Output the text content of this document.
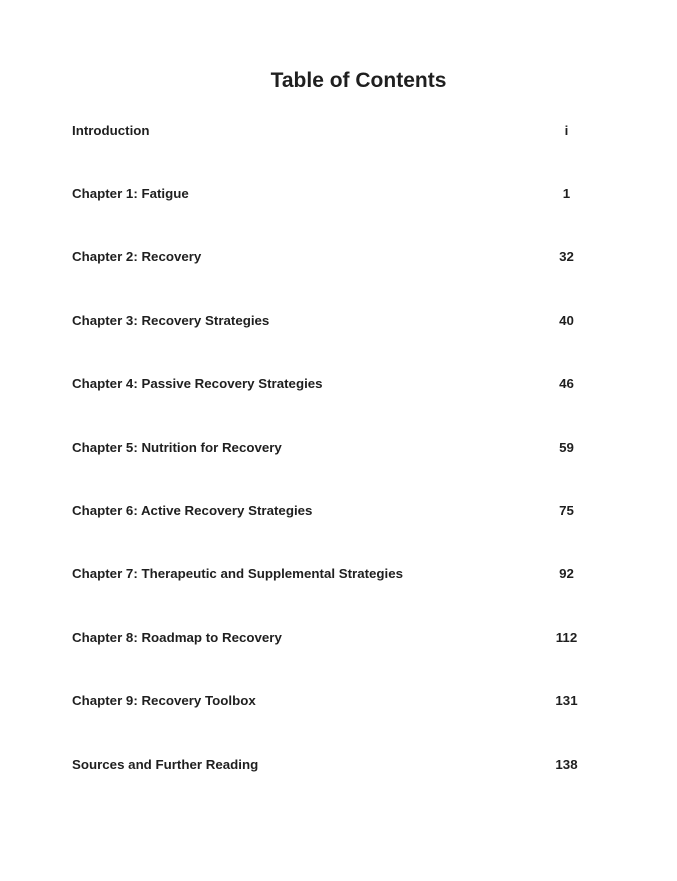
Table of Contents
Introduction	i
Chapter 1: Fatigue	1
Chapter 2: Recovery	32
Chapter 3: Recovery Strategies	40
Chapter 4: Passive Recovery Strategies	46
Chapter 5: Nutrition for Recovery	59
Chapter 6: Active Recovery Strategies	75
Chapter 7: Therapeutic and Supplemental Strategies	92
Chapter 8: Roadmap to Recovery	112
Chapter 9: Recovery Toolbox	131
Sources and Further Reading	138
